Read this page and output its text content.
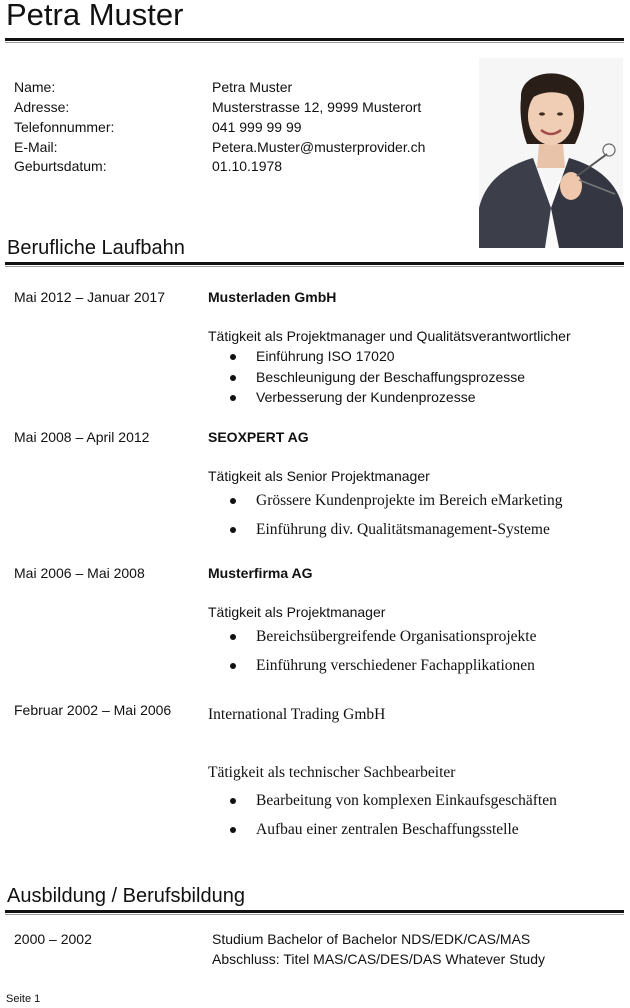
Petra Muster
Name:	Petra Muster
Adresse:	Musterstrasse 12, 9999 Musterort
Telefonnummer:	041 999 99 99
E-Mail:	Petera.Muster@musterprovider.ch
Geburtsdatum:	01.10.1978
Berufliche Laufbahn
Mai 2012 – Januar 2017	Musterladen GmbH
Tätigkeit als Projektmanager und Qualitätsverantwortlicher
Einführung ISO 17020
Beschleunigung der Beschaffungsprozesse
Verbesserung der Kundenprozesse
Mai 2008 – April 2012	SEOXPERT AG
Tätigkeit als Senior Projektmanager
Grössere Kundenprojekte im Bereich eMarketing
Einführung div. Qualitätsmanagement-Systeme
Mai 2006 – Mai 2008	Musterfirma AG
Tätigkeit als Projektmanager
Bereichsübergreifende Organisationsprojekte
Einführung verschiedener Fachapplikationen
Februar 2002 – Mai 2006 International Trading GmbH
Tätigkeit als technischer Sachbearbeiter
Bearbeitung von komplexen Einkaufsgeschäften
Aufbau einer zentralen Beschaffungsstelle
Ausbildung / Berufsbildung
2000 – 2002	Studium Bachelor of Bachelor NDS/EDK/CAS/MAS
Abschluss: Titel MAS/CAS/DES/DAS Whatever Study
Seite 1
